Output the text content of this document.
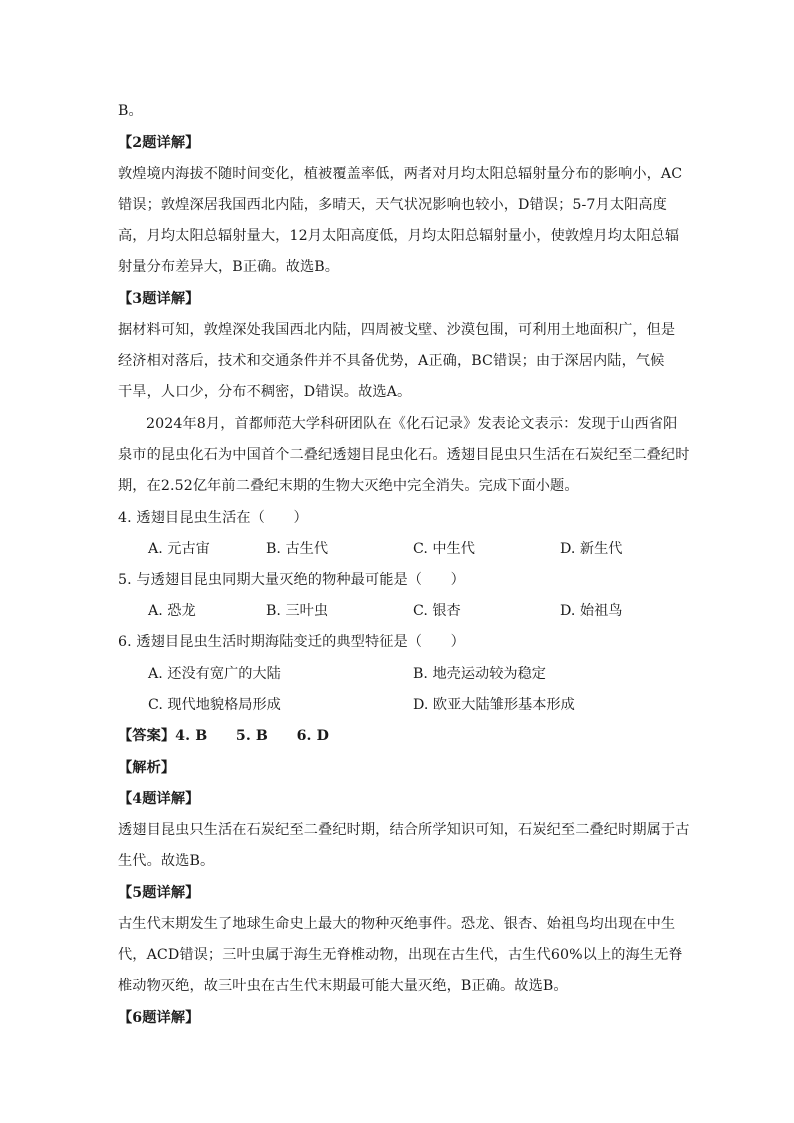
B。
【2题详解】
敦煌境内海拔不随时间变化，植被覆盖率低，两者对月均太阳总辐射量分布的影响小，AC
错误；敦煌深居我国西北内陆，多晴天，天气状况影响也较小，D错误；5-7月太阳高度
高，月均太阳总辐射量大，12月太阳高度低，月均太阳总辐射量小，使敦煌月均太阳总辐
射量分布差异大，B正确。故选B。
【3题详解】
据材料可知，敦煌深处我国西北内陆，四周被戈壁、沙漠包围，可利用土地面积广，但是
经济相对落后，技术和交通条件并不具备优势，A正确，BC错误；由于深居内陆，气候
干旱，人口少，分布不稠密，D错误。故选A。
2024年8月，首都师范大学科研团队在《化石记录》发表论文表示：发现于山西省阳
泉市的昆虫化石为中国首个二叠纪透翅目昆虫化石。透翅目昆虫只生活在石炭纪至二叠纪时
期，在2.52亿年前二叠纪末期的生物大灭绝中完全消失。完成下面小题。
4. 透翅目昆虫生活在（　　）
A. 元古宙	B. 古生代	C. 中生代	D. 新生代
5. 与透翅目昆虫同期大量灭绝的物种最可能是（　　）
A. 恐龙	B. 三叶虫	C. 银杏	D. 始祖鸟
6. 透翅目昆虫生活时期海陆变迁的典型特征是（　　）
A. 还没有宽广的大陆	B. 地壳运动较为稳定
C. 现代地貌格局形成	D. 欧亚大陆雏形基本形成
【答案】4. B　　5. B　　6. D
【解析】
【4题详解】
透翅目昆虫只生活在石炭纪至二叠纪时期，结合所学知识可知，石炭纪至二叠纪时期属于古
生代。故选B。
【5题详解】
古生代末期发生了地球生命史上最大的物种灭绝事件。恐龙、银杏、始祖鸟均出现在中生
代，ACD错误；三叶虫属于海生无脊椎动物，出现在古生代，古生代60%以上的海生无脊
椎动物灭绝，故三叶虫在古生代末期最可能大量灭绝，B正确。故选B。
【6题详解】
